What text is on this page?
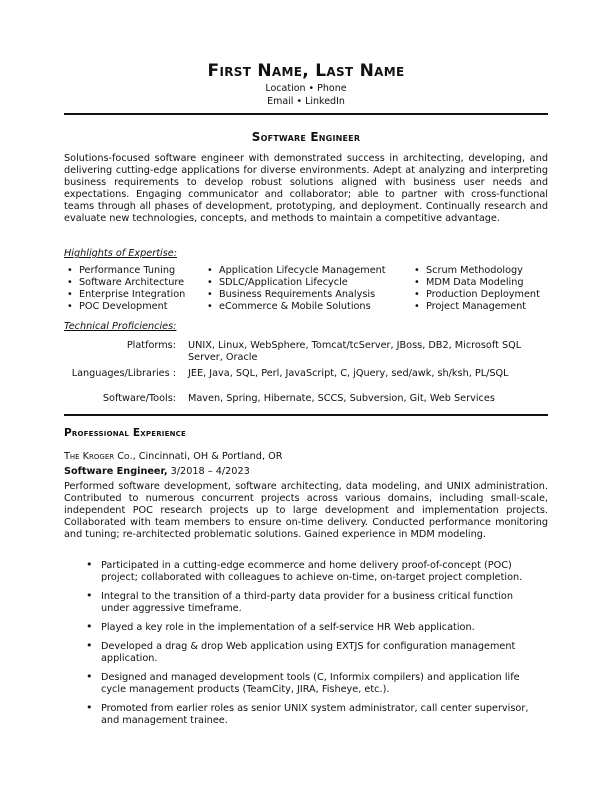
First Name, Last Name
Location • Phone
Email • LinkedIn
Software Engineer

Solutions-focused software engineer with demonstrated success in architecting, developing, and delivering cutting-edge applications for diverse environments. Adept at analyzing and interpreting business requirements to develop robust solutions aligned with business user needs and expectations. Engaging communicator and collaborator; able to partner with cross-functional teams through all phases of development, prototyping, and deployment. Continually research and evaluate new technologies, concepts, and methods to maintain a competitive advantage.

Highlights of Expertise:
• Performance Tuning
• Software Architecture
• Enterprise Integration
• POC Development
• Application Lifecycle Management
• SDLC/Application Lifecycle
• Business Requirements Analysis
• eCommerce & Mobile Solutions
• Scrum Methodology
• MDM Data Modeling
• Production Deployment
• Project Management
Technical Proficiencies:
Platforms: UNIX, Linux, WebSphere, Tomcat/tcServer, JBoss, DB2, Microsoft SQL Server, Oracle
Languages/Libraries : JEE, Java, SQL, Perl, JavaScript, C, jQuery, sed/awk, sh/ksh, PL/SQL
Software/Tools: Maven, Spring, Hibernate, SCCS, Subversion, Git, Web Services
Professional Experience
The Kroger Co., Cincinnati, OH & Portland, OR
Software Engineer, 3/2018 – 4/2023

Performed software development, software architecting, data modeling, and UNIX administration. Contributed to numerous concurrent projects across various domains, including small-scale, independent POC research projects up to large development and implementation projects. Collaborated with team members to ensure on-time delivery. Conducted performance monitoring and tuning; re-architected problematic solutions. Gained experience in MDM modeling.

• Participated in a cutting-edge ecommerce and home delivery proof-of-concept (POC) project; collaborated with colleagues to achieve on-time, on-target project completion.
• Integral to the transition of a third-party data provider for a business critical function under aggressive timeframe.
• Played a key role in the implementation of a self-service HR Web application.
• Developed a drag & drop Web application using EXTJS for configuration management application.
• Designed and managed development tools (C, Informix compilers) and application life cycle management products (TeamCity, JIRA, Fisheye, etc.).
• Promoted from earlier roles as senior UNIX system administrator, call center supervisor, and management trainee.
